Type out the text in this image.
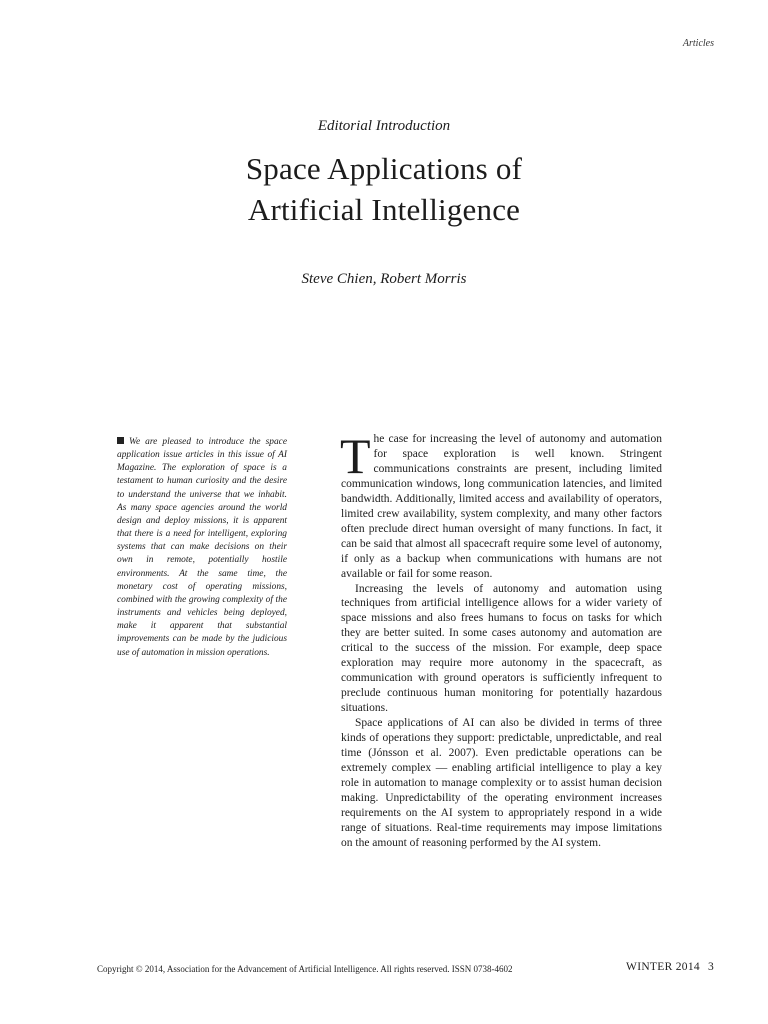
Articles
Editorial Introduction
Space Applications of
Artificial Intelligence
Steve Chien, Robert Morris

We are pleased to introduce the space application issue articles in this issue of AI Magazine. The exploration of space is a testament to human curiosity and the desire to understand the universe that we inhabit. As many space agencies around the world design and deploy missions, it is apparent that there is a need for intelligent, exploring systems that can make decisions on their own in remote, potentially hostile environments. At the same time, the monetary cost of operating missions, combined with the growing complexity of the instruments and vehicles being deployed, make it apparent that substantial improvements can be made by the judicious use of automation in mission operations.

The case for increasing the level of autonomy and automation for space exploration is well known. Stringent communications constraints are present, including limited communication windows, long communication latencies, and limited bandwidth. Additionally, limited access and availability of operators, limited crew availability, system complexity, and many other factors often preclude direct human oversight of many functions. In fact, it can be said that almost all spacecraft require some level of autonomy, if only as a backup when communications with humans are not available or fail for some reason.

Increasing the levels of autonomy and automation using techniques from artificial intelligence allows for a wider variety of space missions and also frees humans to focus on tasks for which they are better suited. In some cases autonomy and automation are critical to the success of the mission. For example, deep space exploration may require more autonomy in the spacecraft, as communication with ground operators is sufficiently infrequent to preclude continuous human monitoring for potentially hazardous situations.

Space applications of AI can also be divided in terms of three kinds of operations they support: predictable, unpredictable, and real time (Jónsson et al. 2007). Even predictable operations can be extremely complex — enabling artificial intelligence to play a key role in automation to manage complexity or to assist human decision making. Unpredictability of the operating environment increases requirements on the AI system to appropriately respond in a wide range of situations. Real-time requirements may impose limitations on the amount of reasoning performed by the AI system.

Copyright © 2014, Association for the Advancement of Artificial Intelligence. All rights reserved. ISSN 0738-4602	WINTER 2014 3
